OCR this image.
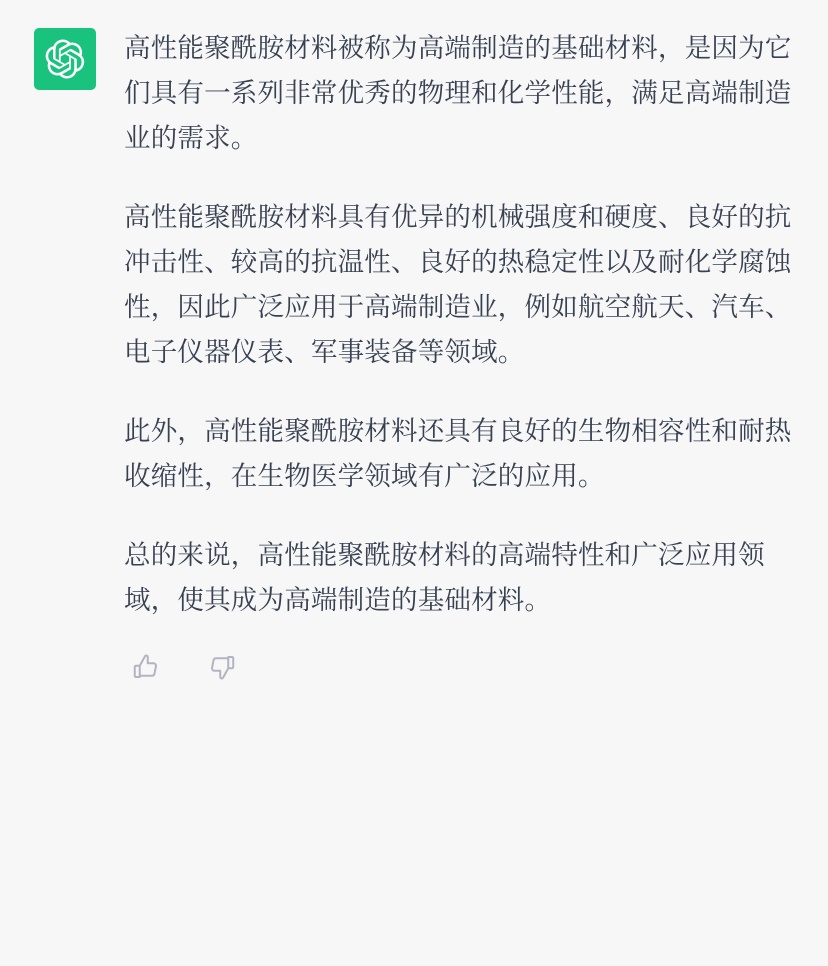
高性能聚酰胺材料被称为高端制造的基础材料，是因为它们具有一系列非常优秀的物理和化学性能，满足高端制造业的需求。

高性能聚酰胺材料具有优异的机械强度和硬度、良好的抗冲击性、较高的抗温性、良好的热稳定性以及耐化学腐蚀性，因此广泛应用于高端制造业，例如航空航天、汽车、电子仪器仪表、军事装备等领域。

此外，高性能聚酰胺材料还具有良好的生物相容性和耐热收缩性，在生物医学领域有广泛的应用。

总的来说，高性能聚酰胺材料的高端特性和广泛应用领域，使其成为高端制造的基础材料。
